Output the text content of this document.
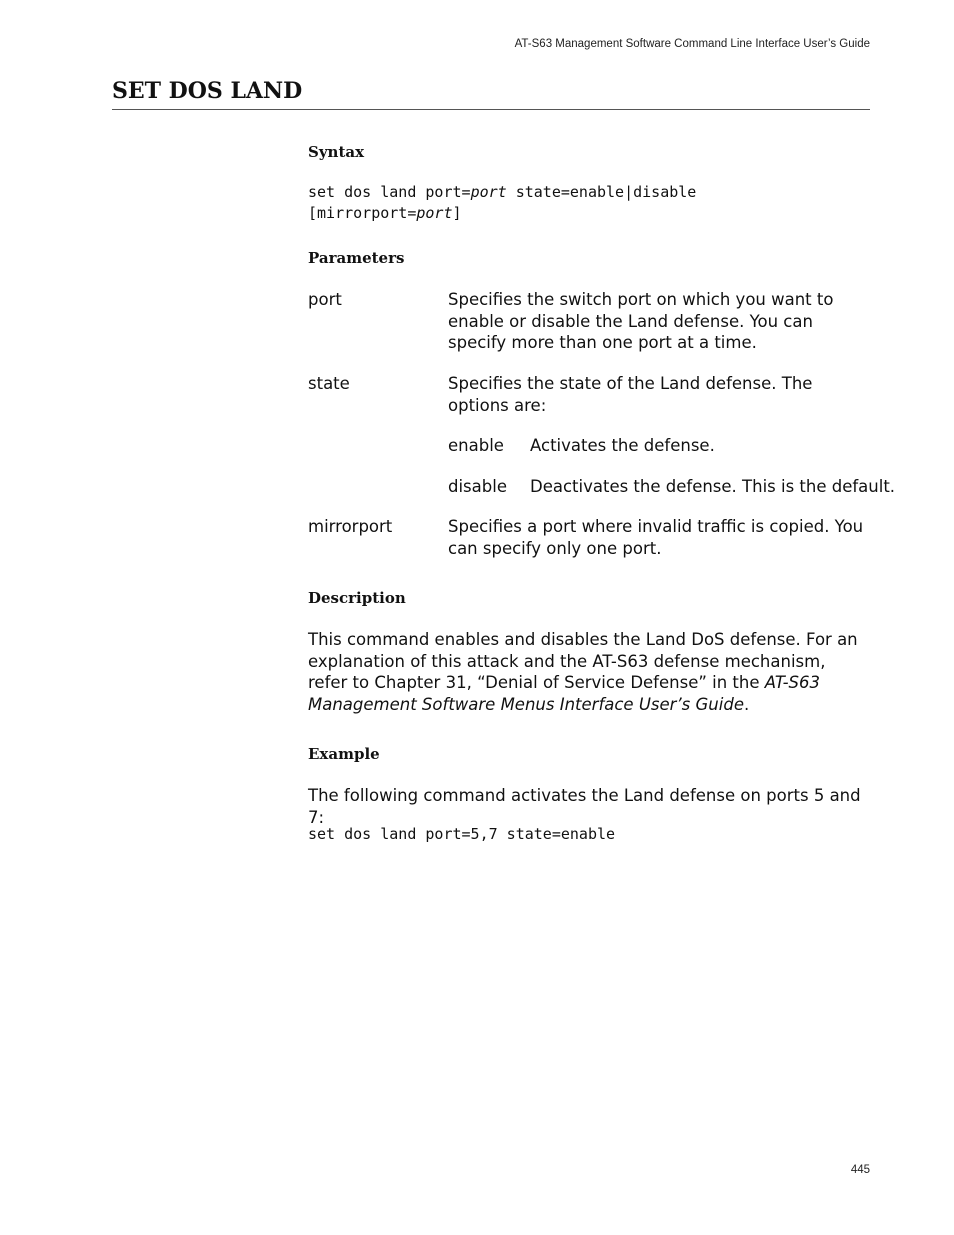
AT-S63 Management Software Command Line Interface User’s Guide
SET DOS LAND
Syntax
set dos land port=port state=enable|disable
[mirrorport=port]
Parameters
port	Specifies the switch port on which you want to enable or disable the Land defense. You can specify more than one port at a time.
state	Specifies the state of the Land defense. The options are:
enable Activates the defense.
disable Deactivates the defense. This is the default.
mirrorport	Specifies a port where invalid traffic is copied. You can specify only one port.
Description
This command enables and disables the Land DoS defense. For an explanation of this attack and the AT-S63 defense mechanism, refer to Chapter 31, “Denial of Service Defense” in the AT-S63 Management Software Menus Interface User’s Guide.
Example
The following command activates the Land defense on ports 5 and 7:
set dos land port=5,7 state=enable
445
